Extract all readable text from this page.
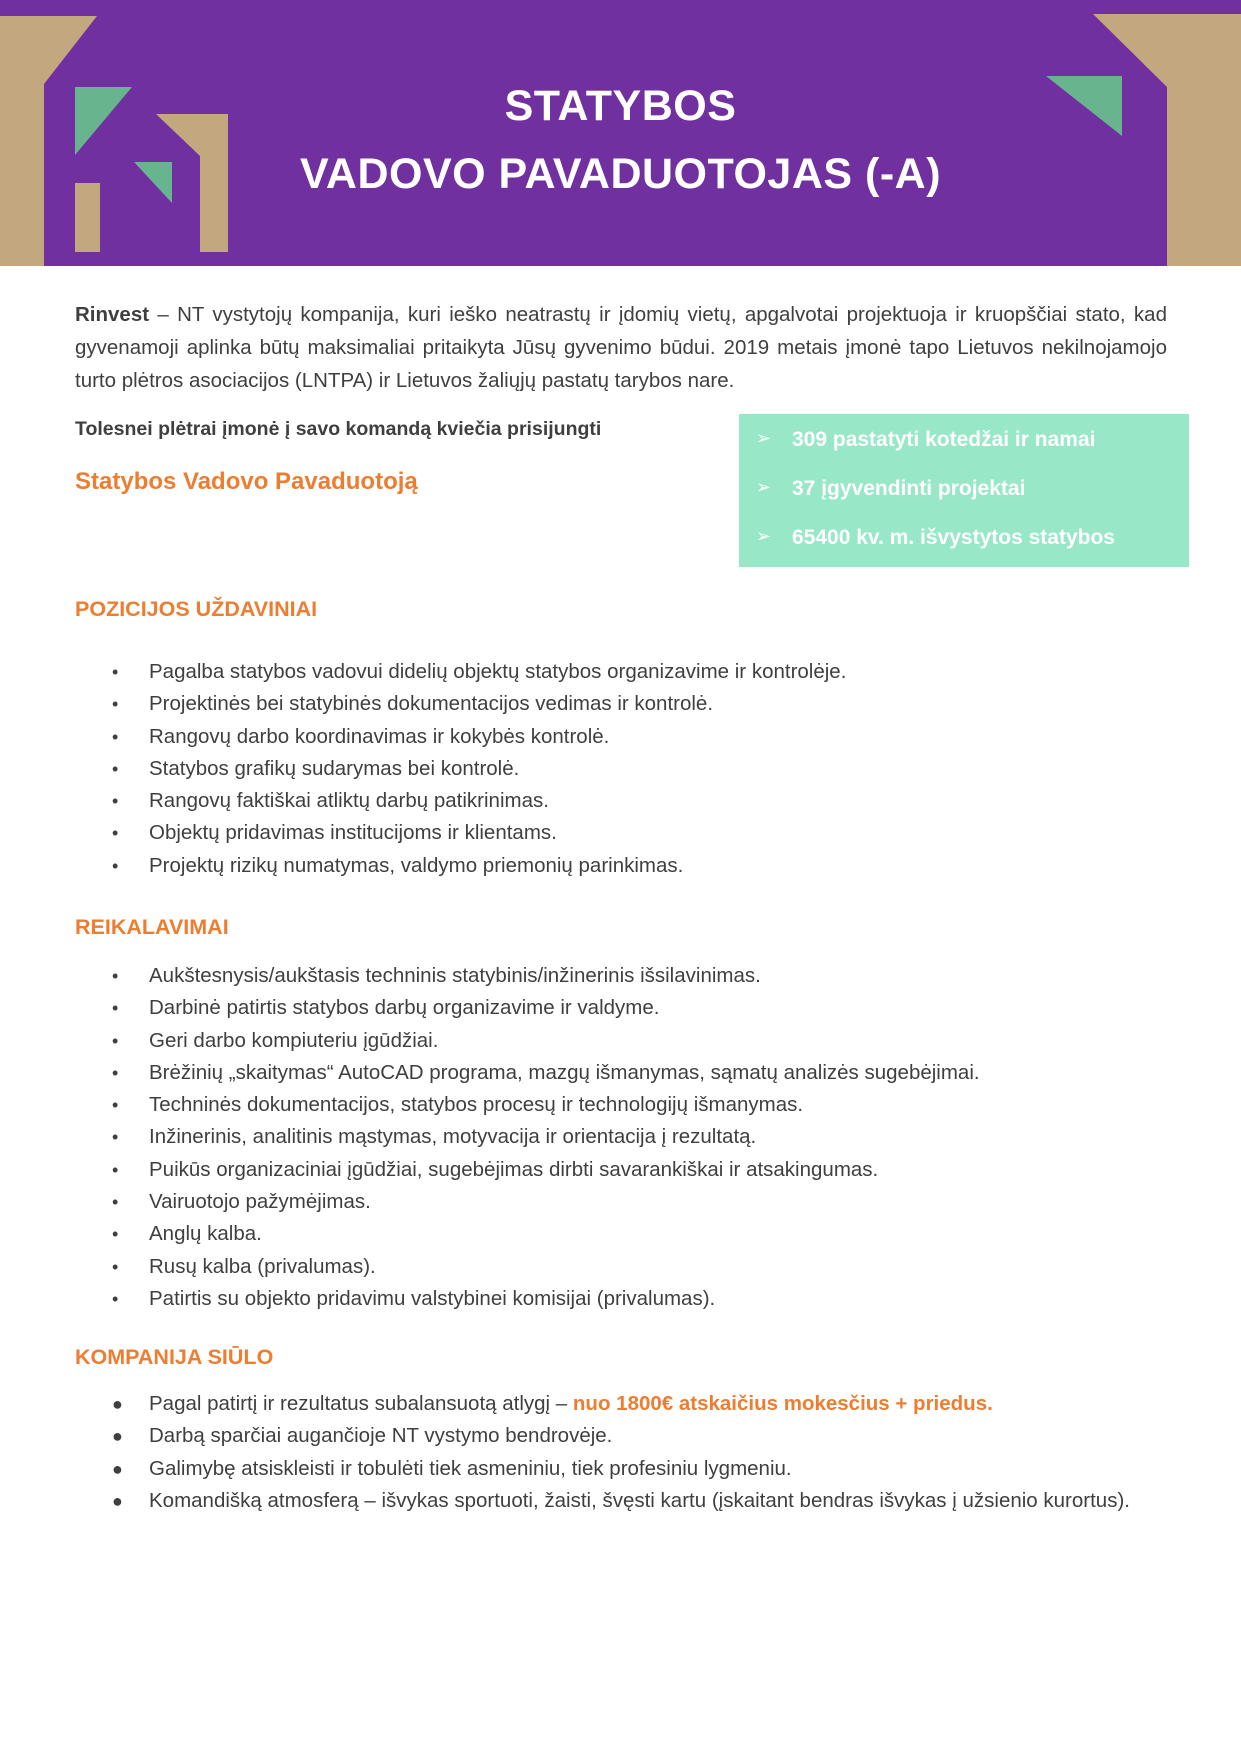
STATYBOS
VADOVO PAVADUOTOJAS (-A)
Rinvest – NT vystytojų kompanija, kuri ieško neatrastų ir įdomių vietų, apgalvotai projektuoja ir kruopščiai stato, kad gyvenamoji aplinka būtų maksimaliai pritaikyta Jūsų gyvenimo būdui. 2019 metais įmonė tapo Lietuvos nekilnojamojo turto plėtros asociacijos (LNTPA) ir Lietuvos žaliųjų pastatų tarybos nare.
Tolesnei plėtrai įmonė į savo komandą kviečia prisijungti
Statybos Vadovo Pavaduotoją
➢ 309 pastatyti kotedžai ir namai
➢ 37 įgyvendinti projektai
➢ 65400 kv. m. išvystytos statybos
POZICIJOS UŽDAVINIAI
• Pagalba statybos vadovui didelių objektų statybos organizavime ir kontrolėje.
• Projektinės bei statybinės dokumentacijos vedimas ir kontrolė.
• Rangovų darbo koordinavimas ir kokybės kontrolė.
• Statybos grafikų sudarymas bei kontrolė.
• Rangovų faktiškai atliktų darbų patikrinimas.
• Objektų pridavimas institucijoms ir klientams.
• Projektų rizikų numatymas, valdymo priemonių parinkimas.
REIKALAVIMAI
• Aukštesnysis/aukštasis techninis statybinis/inžinerinis išsilavinimas.
• Darbinė patirtis statybos darbų organizavime ir valdyme.
• Geri darbo kompiuteriu įgūdžiai.
• Brėžinių „skaitymas“ AutoCAD programa, mazgų išmanymas, sąmatų analizės sugebėjimai.
• Techninės dokumentacijos, statybos procesų ir technologijų išmanymas.
• Inžinerinis, analitinis mąstymas, motyvacija ir orientacija į rezultatą.
• Puikūs organizaciniai įgūdžiai, sugebėjimas dirbti savarankiškai ir atsakingumas.
• Vairuotojo pažymėjimas.
• Anglų kalba.
• Rusų kalba (privalumas).
• Patirtis su objekto pridavimu valstybinei komisijai (privalumas).
KOMPANIJA SIŪLO
● Pagal patirtį ir rezultatus subalansuotą atlygį – nuo 1800€ atskaičius mokesčius + priedus.
● Darbą sparčiai augančioje NT vystymo bendrovėje.
● Galimybę atsiskleisti ir tobulėti tiek asmeniniu, tiek profesiniu lygmeniu.
● Komandišką atmosferą – išvykas sportuoti, žaisti, švęsti kartu (įskaitant bendras išvykas į užsienio kurortus).
